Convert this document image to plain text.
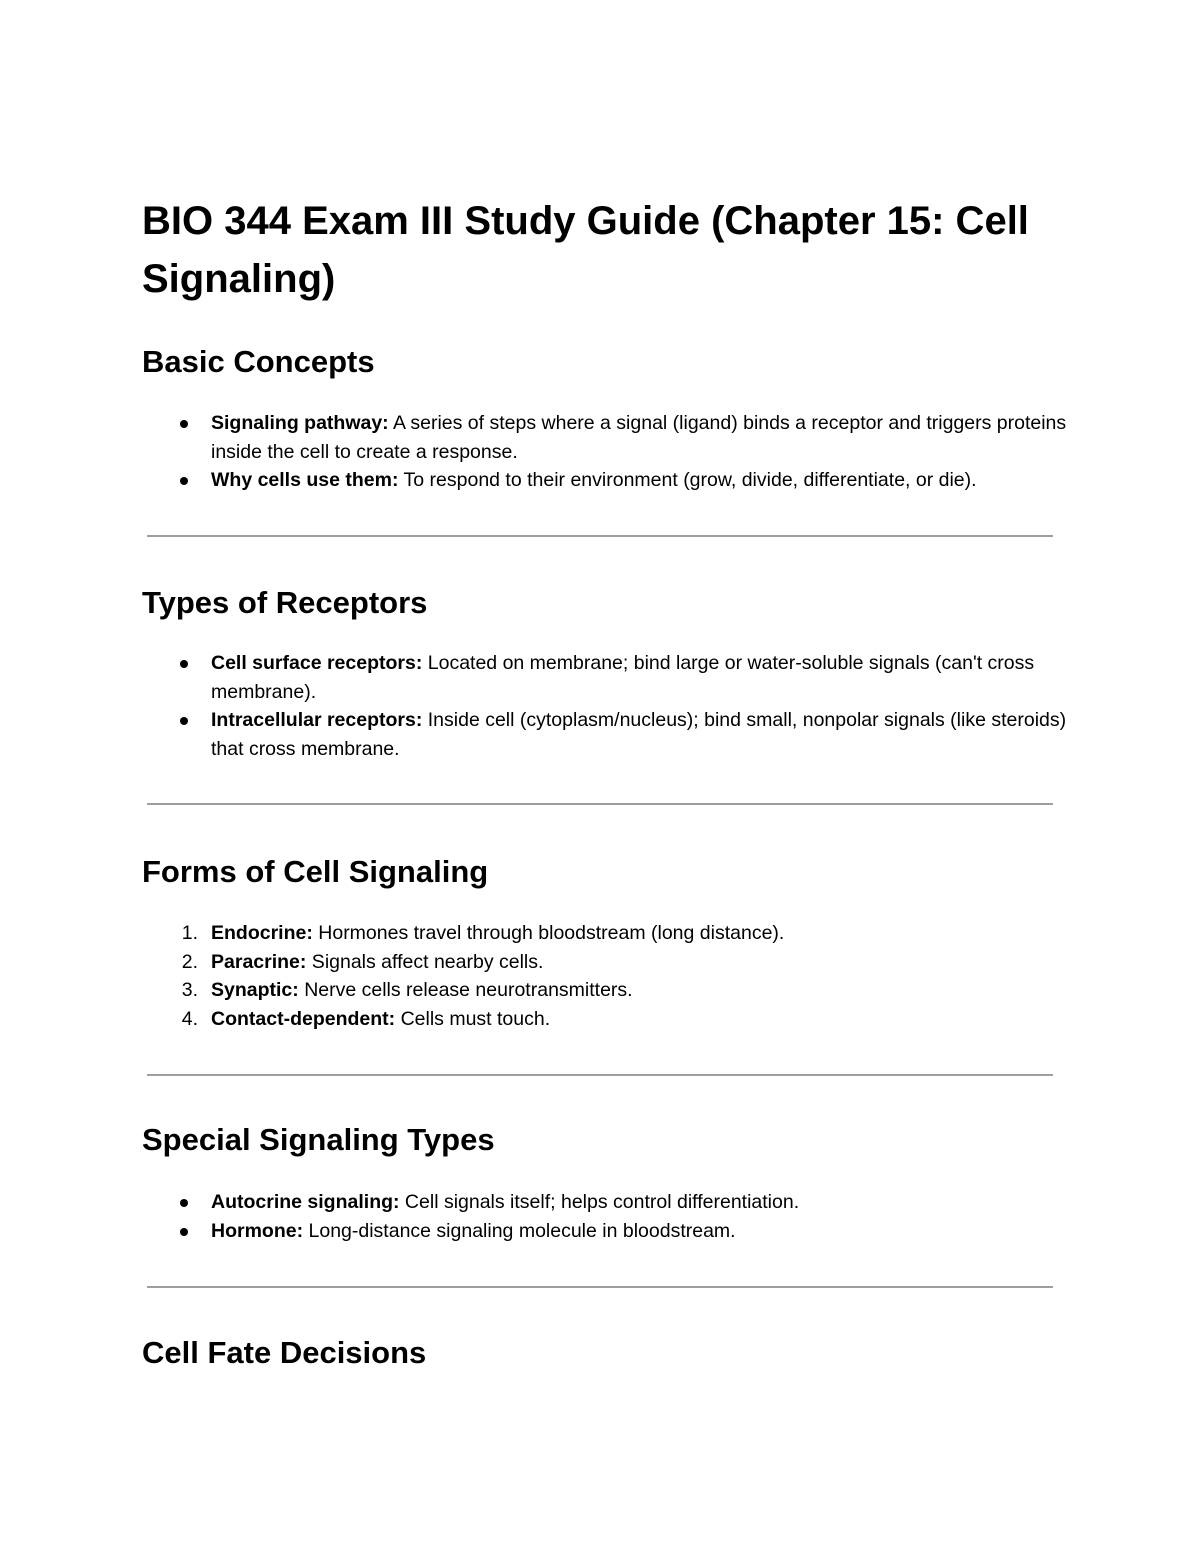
BIO 344 Exam III Study Guide (Chapter 15: Cell Signaling)
Basic Concepts
Signaling pathway: A series of steps where a signal (ligand) binds a receptor and triggers proteins inside the cell to create a response.
Why cells use them: To respond to their environment (grow, divide, differentiate, or die).
Types of Receptors
Cell surface receptors: Located on membrane; bind large or water-soluble signals (can't cross membrane).
Intracellular receptors: Inside cell (cytoplasm/nucleus); bind small, nonpolar signals (like steroids) that cross membrane.
Forms of Cell Signaling
1. Endocrine: Hormones travel through bloodstream (long distance).
2. Paracrine: Signals affect nearby cells.
3. Synaptic: Nerve cells release neurotransmitters.
4. Contact-dependent: Cells must touch.
Special Signaling Types
Autocrine signaling: Cell signals itself; helps control differentiation.
Hormone: Long-distance signaling molecule in bloodstream.
Cell Fate Decisions
